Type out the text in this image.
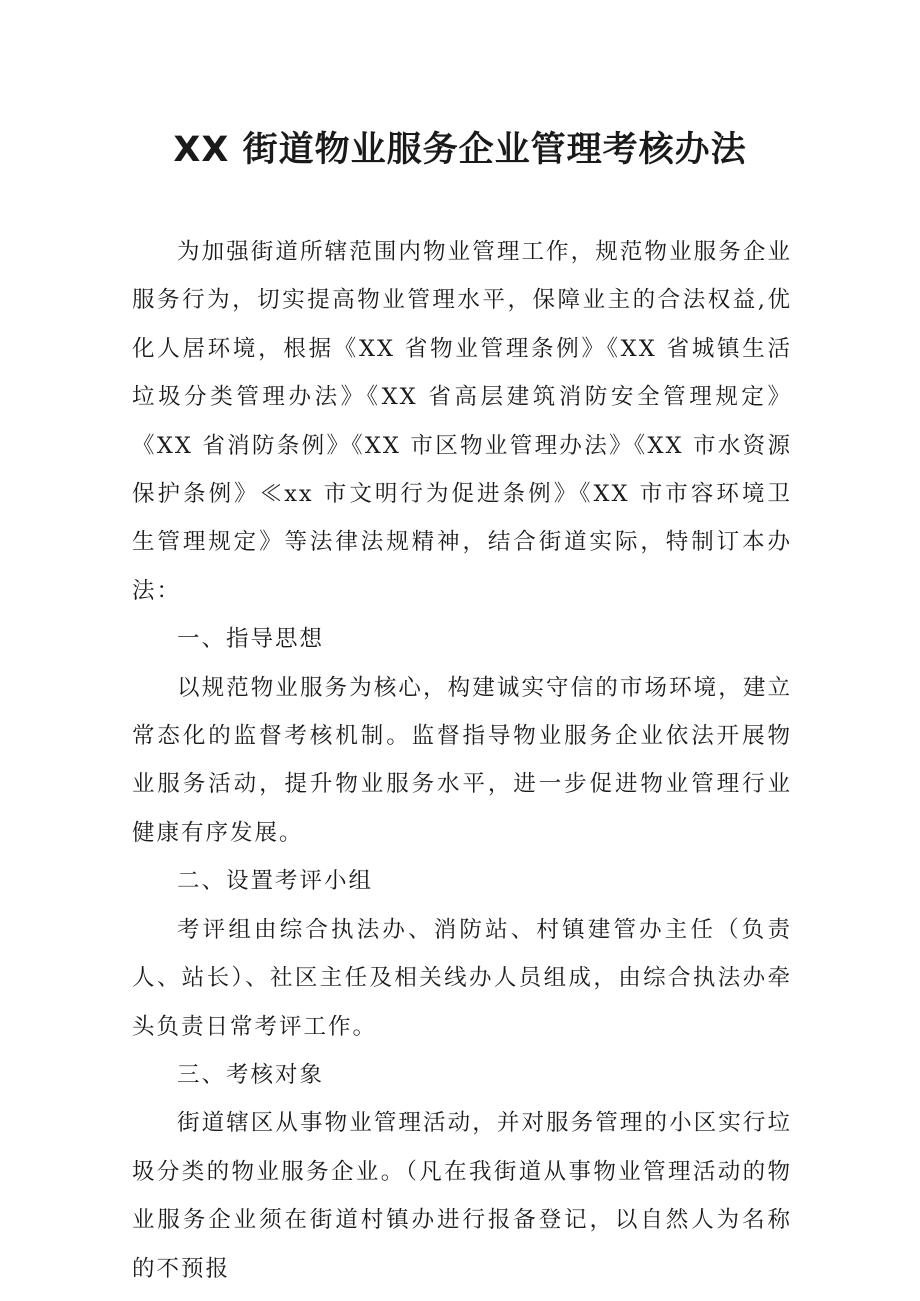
XX 街道物业服务企业管理考核办法

为加强街道所辖范围内物业管理工作，规范物业服务企业服务行为，切实提高物业管理水平，保障业主的合法权益,优化人居环境，根据《XX 省物业管理条例》《XX 省城镇生活垃圾分类管理办法》《XX 省高层建筑消防安全管理规定》《XX 省消防条例》《XX 市区物业管理办法》《XX 市水资源保护条例》≪xx 市文明行为促进条例》《XX 市市容环境卫生管理规定》等法律法规精神，结合街道实际，特制订本办法：

一、指导思想

以规范物业服务为核心，构建诚实守信的市场环境，建立常态化的监督考核机制。监督指导物业服务企业依法开展物业服务活动，提升物业服务水平，进一步促进物业管理行业健康有序发展。

二、设置考评小组

考评组由综合执法办、消防站、村镇建管办主任（负责人、站长）、社区主任及相关线办人员组成，由综合执法办牵头负责日常考评工作。

三、考核对象

街道辖区从事物业管理活动，并对服务管理的小区实行垃圾分类的物业服务企业。（凡在我街道从事物业管理活动的物业服务企业须在街道村镇办进行报备登记，以自然人为名称的不预报
